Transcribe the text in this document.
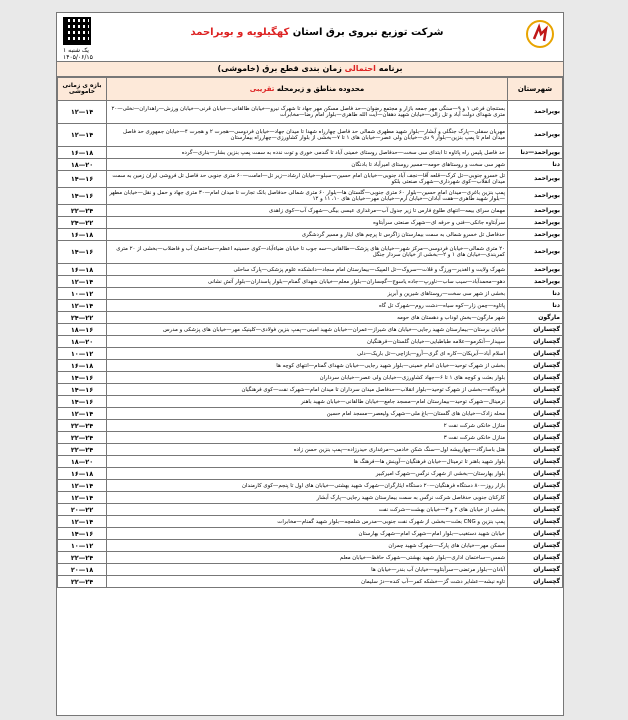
یک شنبه ۱
۱۴۰۵/۰۶/۱۵
شرکت توزیع نیروی برق استان کهگیلویه و بویراحمد
برنامه احتمالی زمان بندی قطع برق (خاموشی)
شهرستان	محدوده مناطق و زیرمحله تقریبی	بازه ی زمانی خاموشی
بویراحمد	بستنجان فرعی ۱ و ۹—سنگی مهر جمعه بازار و مجتمع رضوان—حد فاصل مسکن مهر جهاد تا شهرک نیرو—خیابان طالقانی—خیابان قرنی—خیابان ورزش—راهداران—نخلی—۲۰ متری شهدای دولت آباد و تل زالی—خیابان شهید دهقان—آیت الله طاهری—بلوار امام رضا—مخابرات	۱۲—۱۴
بویراحمد	مهریان سفلی—پارک جنگلی و آبشار—بلوار شهید مطهری شمالی حد فاصل چهارراه شهدا تا میدان جهاد—خیابان فردوسی—هجرت ۲ و هجرت ۴—خیابان جمهوری حد فاصل میدان امام تا پمپ بنزین—بلوار ۹ دی—خیابان ولی عصر—خیابان های ۱ تا ۷—بخشی از بلوار کشاورزی—چهارراه بیمارستان	۱۲—۱۴
بویراحمد—دنا	حد فاصل پلیس راه پاتاوه تا ابتدای سی سخت—حدفاصل روستای خمینی آباد تا گندمی خوری و توت ندده به سمت پمپ بنزین بشار—بناری—گرده	۱۶—۱۸
دنا	شهر سی سخت و روستاهای حومه—مسیر روستای امیرآباد تا بادنگان	۱۸—۲۰
بویراحمد	تل خسرو جنوبی—تل کرک—قلعه آقا—نجف آباد جنوبی—خیابان امام حسین—سبلو—خیابان ارشاد—زیر تل—امامت—۶۰ متری جنوبی حد فاصل تل فروشی ایران زمین به سمت میدان انقلاب—کوی شهرداری—شهرک صنعتی بلکو	۱۴—۱۶
بویراحمد	پمپ بنزین باغری—میدان امام حسین—بلوار ۶۰ متری جنوبی—گلستان ها—بلوار ۶۰ متری شمالی حدفاصل بانک تجارت تا میدان امام—۳۰ متری جهاد و حمل و نقل—خیابان مطهر—بلوار شهید طاهری—هفت آبادان—خیابان ارم—خیابان مهر—خیابان های ۱۰، ۱۱ و ۱۲	۱۴—۱۶
بویراحمد	مهمان سرای بیمه—انتهای طلوع فارس تا زیر جدول آب—مرغداری عیسی بیگی—شهرک آب—کوی زاهدی	۲۲—۲۴
بویراحمد	سرآبتاوه جانکی—فنی و حرفه ای—شهرک صنعتی سرآبتاوه	۲۴—۲۲
بویراحمد	حدفاصل تل خسرو شمالی به سمت بیمارستان زاگرس تا پرچم های ایثار و مسیر گردشگری	۱۶—۱۸
بویراحمد	۲۰ متری شمالی—خیابان فردوسی—مرکز شهر—خیابان های پزشک—طالقانی—سه جوب تا خیابان ضیاءآباد—کوی حسینیه اعظم—ساختمان آب و فاضلاب—بخشی از ۲۰ متری کمربندی—خیابان های ۱ و ۲—بخشی از خیابان سردار جنگل	۱۴—۱۶
بویراحمد	شهرک ولایت و الغدیر—ورزگ و قلات—سروک—تل المپیک—بیمارستان امام سجاد—دانشکده علوم پزشکی—پارک ساحلی	۱۶—۱۸
بویراحمد	دهو—محمدآباد—سیب ساب—ناورپ—جاده یاسوج—گچساران—بلوار معلم—خیابان شهدای گمنام—بلوار پاسداران—بلوار آتش نشانی	۱۲—۱۴
دنا	بخشی از شهر سی سخت—روستاهای شیرین و آبریز	۱۰—۱۲
دنا	پاتاوه—چمن زار—کوه سیاه—دشت روم—شهرک تل گاه	۱۲—۱۴
مارگون	شهر مارگون—بخش لوداب و دهستان های حومه	۲۴—۲۲
گچساران	خیابان برستان—بیمارستان شهید رجایی—خیابان های شیراز—عمران—خیابان شهید امینی—پمپ بنزین فولادی—کلینیک مهر—خیابان های پزشکی و مدرس	۱۸—۱۶
گچساران	سپیدار—آنکرمو—علامه طباطبایی—خیابان گلستان—فرهنگیان	۱۸—۲۰
گچساران	اسلام آباد—آبریکان—کاره ای گری—آرو—بازاچی—تل باریک—دلی	۱۰—۱۲
گچساران	بخشی از شهرک توحید—خیابان امام خمینی—بلوار شهید رجایی—خیابان شهدای گمنام—انتهای کوچه ها	۱۶—۱۸
گچساران	بلوار بعثت و کوچه های ۱ تا ۶—جهاد کشاورزی—خیابان ولی عصر—خیابان سرداران	۱۴—۱۶
گچساران	فرودگاه—بخشی از شهرک توحید—بلوار انقلاب—حدفاصل میدان سرداران تا میدان امام—شهرک نفت—کوی فرهنگیان	۱۴—۱۶
گچساران	ترمینال—شهرک توحید—بیمارستان امام—مسجد جامع—خیابان طالقانی—خیابان شهید باهنر	۱۴—۱۶
گچساران	محله زادک—خیابان های گلستان—باغ ملی—شهرک ولیعصر—مسجد امام حسین	۱۲—۱۴
گچساران	منازل خانکی شرکت نفت ۲	۲۲—۲۴
گچساران	منازل خانکی شرکت نفت ۳	۲۲—۲۴
گچساران	هتل باسارگاد—چهارپیشه اول—سنگ شکن خادمی—مرغداری حیدرزاده—پمپ بنزین حسن زاده	۲۲—۲۴
گچساران	بلوار شهید باهنر تا ترمینال—خیابان فرهنگیان—آوینش ها—فرهنگ ها	۱۸—۲۰
گچساران	بلوار بهارستان—بخشی از شهرک نرگس—شهرک امیرکبیر	۱۶—۱۸
گچساران	بازار روز—۸۰ دستگاه فرهنگیان—۲۰ دستگاه ایثارگران—شهرک شهید بهشتی—خیابان های اول تا پنجم—کوی کارمندان	۱۲—۱۴
گچساران	کارکنان جنوبی حدفاصل شرکت نرگس به سمت بیمارستان شهید رجایی—پارک آبشار	۱۲—۱۴
گچساران	بخشی از خیابان های ۲ و ۳—خیابان بهشت—شرکت نفت	۲۰—۲۲
گچساران	پمپ بنزین و CNG بعثت—بخشی از شهرک نفت جنوبی—مدرس شلمچه—بلوار شهید گمنام—مخابرات	۱۲—۱۴
گچساران	خیابان شهید دستغیب—بلوار امام—شهرک امام—شهرک بهارستان	۱۴—۱۶
گچساران	مسکن مهر—خیابان های پارک—شهرک شهید چمران	۱۰—۱۲
گچساران	شمس—ساختمان اداری—بلوار شهید بهشتی—شهرک حافظ—خیابان معلم	۲۲—۲۴
گچساران	آبادان—بلوار مرتضی—سرآبتاوه—خیابان آب بندر—خیابان ها	۲۰—۱۸
گچساران	تاوه نیشه—عشایر دشت گز—خشکه کمر—آب کنده—دژ سلیمان	۲۲—۲۴
